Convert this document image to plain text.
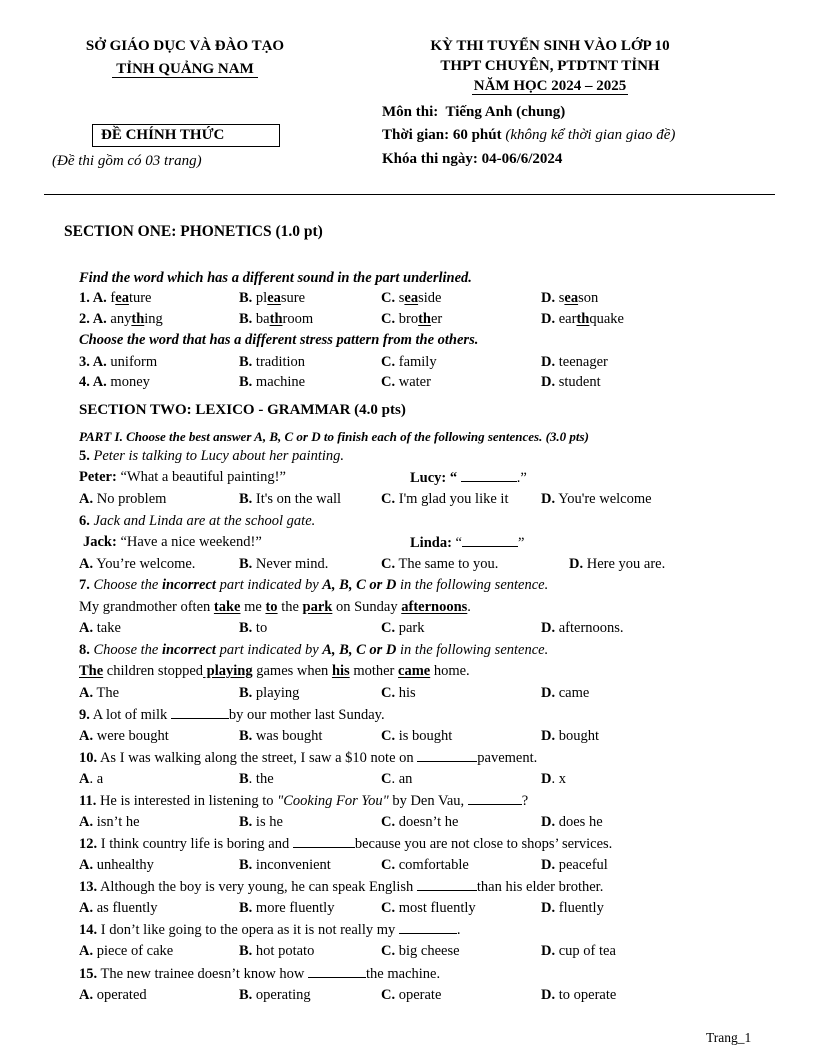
SỞ GIÁO DỤC VÀ ĐÀO TẠO
TỈNH QUẢNG NAM
KỲ THI TUYỂN SINH VÀO LỚP 10
THPT CHUYÊN, PTDTNT TỈNH
NĂM HỌC 2024 – 2025
ĐỀ CHÍNH THỨC
(Đề thi gồm có 03 trang)
Môn thi: Tiếng Anh (chung)
Thời gian: 60 phút (không kể thời gian giao đề)
Khóa thi ngày: 04-06/6/2024
SECTION ONE: PHONETICS (1.0 pt)
Find the word which has a different sound in the part underlined.
1. A. feature	B. pleasure	C. seaside	D. season
2. A. anything	B. bathroom	C. brother	D. earthquake
Choose the word that has a different stress pattern from the others.
3. A. uniform	B. tradition	C. family	D. teenager
4. A. money	B. machine	C. water	D. student
SECTION TWO: LEXICO - GRAMMAR (4.0 pts)
PART I. Choose the best answer A, B, C or D to finish each of the following sentences. (3.0 pts)
5. Peter is talking to Lucy about her painting.
Peter: “What a beautiful painting!”	Lucy: “	.”
A. No problem	B. It's on the wall	C. I'm glad you like it D. You're welcome
6. Jack and Linda are at the school gate.
Jack: “Have a nice weekend!”	Linda: “	”
A. You’re welcome.	B. Never mind.	C. The same to you.	D. Here you are.
7. Choose the incorrect part indicated by A, B, C or D in the following sentence.
My grandmother often take me to the park on Sunday afternoons.
A. take	B. to	C. park	D. afternoons.
8. Choose the incorrect part indicated by A, B, C or D in the following sentence.
The children stopped playing games when his mother came home.
A. The	B. playing	C. his	D. came
9. A lot of milk	by our mother last Sunday.
A. were bought	B. was bought	C. is bought	D. bought
10. As I was walking along the street, I saw a $10 note on	pavement.
A. a	B. the	C. an	D. x
11. He is interested in listening to "Cooking For You" by Den Vau,	?
A. isn’t he	B. is he	C. doesn’t he	D. does he
12. I think country life is boring and	because you are not close to shops’ services.
A. unhealthy	B. inconvenient	C. comfortable	D. peaceful
13. Although the boy is very young, he can speak English	than his elder brother.
A. as fluently	B. more fluently	C. most fluently	D. fluently
14. I don’t like going to the opera as it is not really my	.
A. piece of cake	B. hot potato	C. big cheese	D. cup of tea
15. The new trainee doesn’t know how	the machine.
A. operated	B. operating	C. operate	D. to operate
Trang_1
